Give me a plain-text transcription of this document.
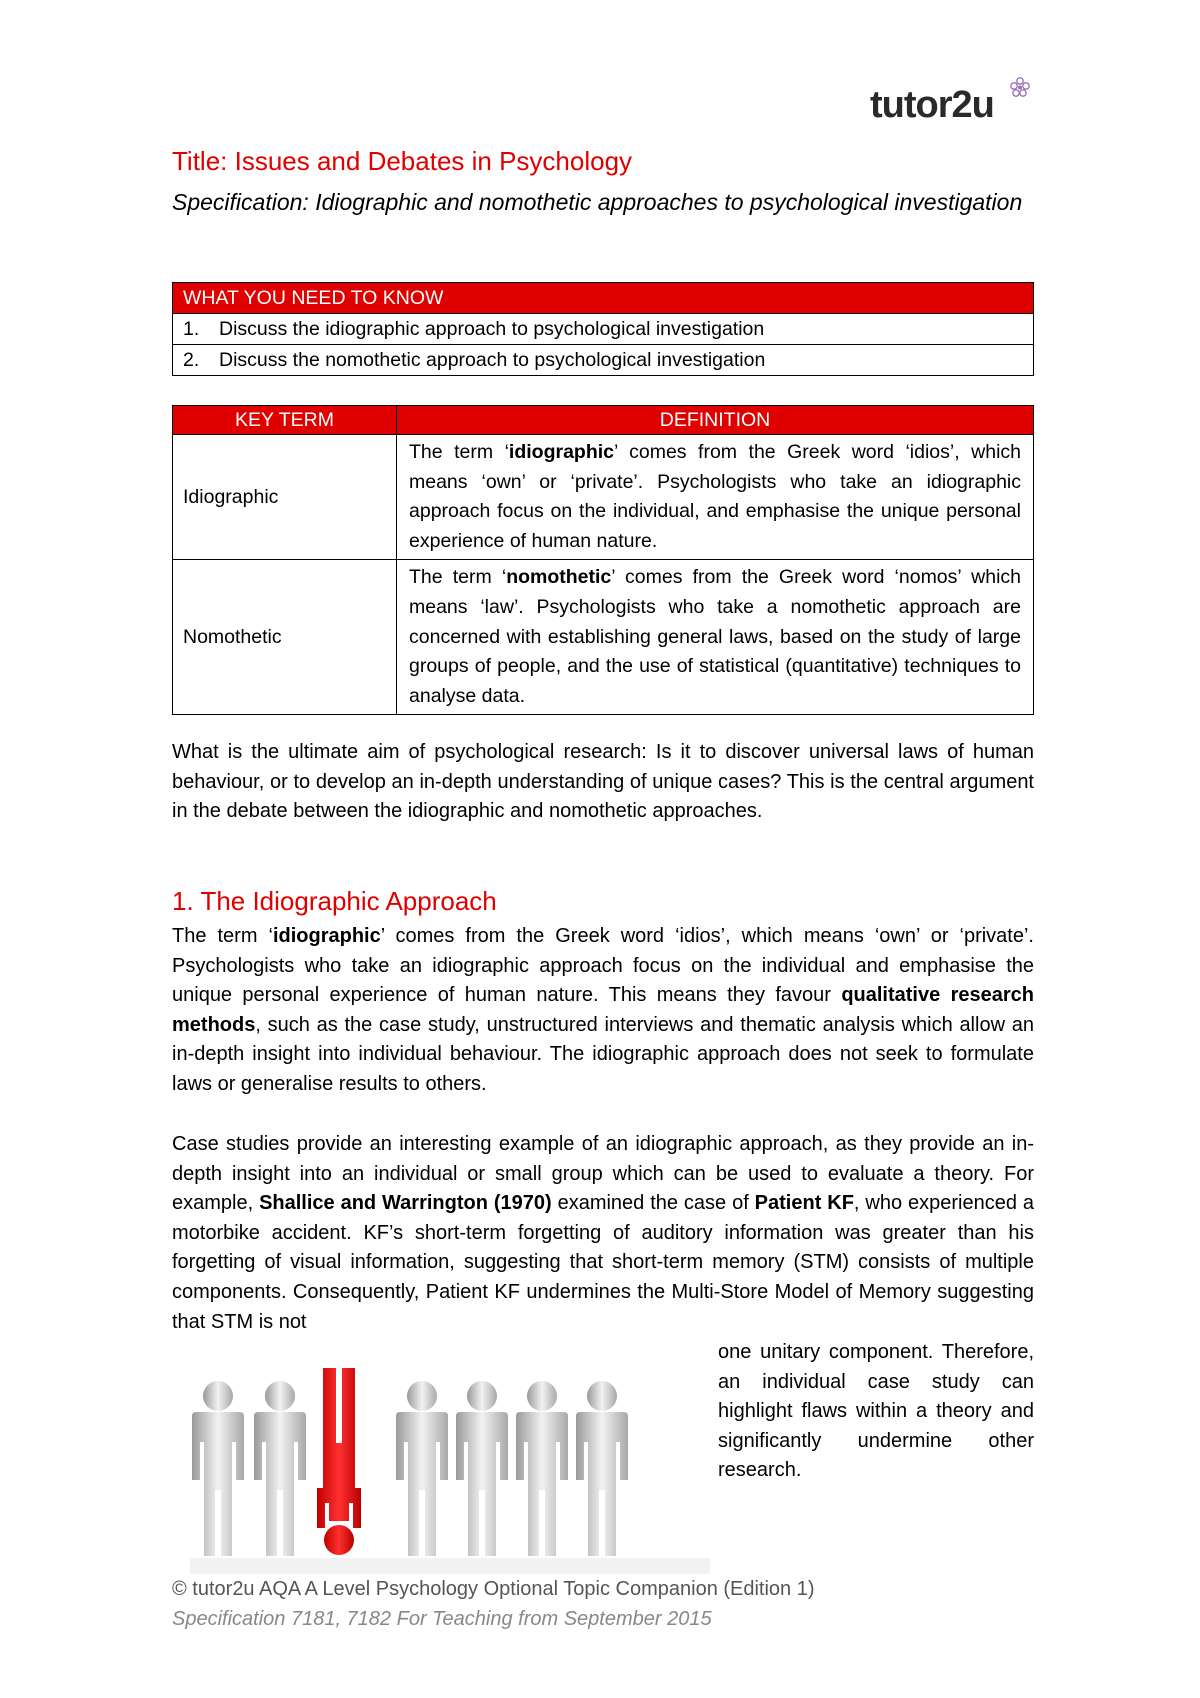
tutor2u
Title: Issues and Debates in Psychology
Specification: Idiographic and nomothetic approaches to psychological investigation
WHAT YOU NEED TO KNOW
1. Discuss the idiographic approach to psychological investigation
2. Discuss the nomothetic approach to psychological investigation
KEY TERM	DEFINITION
Idiographic	The term ‘idiographic’ comes from the Greek word ‘idios’, which means ‘own’ or ‘private’. Psychologists who take an idiographic approach focus on the individual, and emphasise the unique personal experience of human nature.
Nomothetic	The term ‘nomothetic’ comes from the Greek word ‘nomos’ which means ‘law’. Psychologists who take a nomothetic approach are concerned with establishing general laws, based on the study of large groups of people, and the use of statistical (quantitative) techniques to analyse data.
What is the ultimate aim of psychological research: Is it to discover universal laws of human behaviour, or to develop an in-depth understanding of unique cases? This is the central argument in the debate between the idiographic and nomothetic approaches.
1. The Idiographic Approach
The term ‘idiographic’ comes from the Greek word ‘idios’, which means ‘own’ or ‘private’. Psychologists who take an idiographic approach focus on the individual and emphasise the unique personal experience of human nature. This means they favour qualitative research methods, such as the case study, unstructured interviews and thematic analysis which allow an in-depth insight into individual behaviour. The idiographic approach does not seek to formulate laws or generalise results to others.
Case studies provide an interesting example of an idiographic approach, as they provide an in-depth insight into an individual or small group which can be used to evaluate a theory. For example, Shallice and Warrington (1970) examined the case of Patient KF, who experienced a motorbike accident. KF’s short-term forgetting of auditory information was greater than his forgetting of visual information, suggesting that short-term memory (STM) consists of multiple components. Consequently, Patient KF undermines the Multi-Store Model of Memory suggesting that STM is not
one unitary component. Therefore, an individual case study can highlight flaws within a theory and significantly undermine other research.
© tutor2u AQA A Level Psychology Optional Topic Companion (Edition 1)
Specification 7181, 7182 For Teaching from September 2015
